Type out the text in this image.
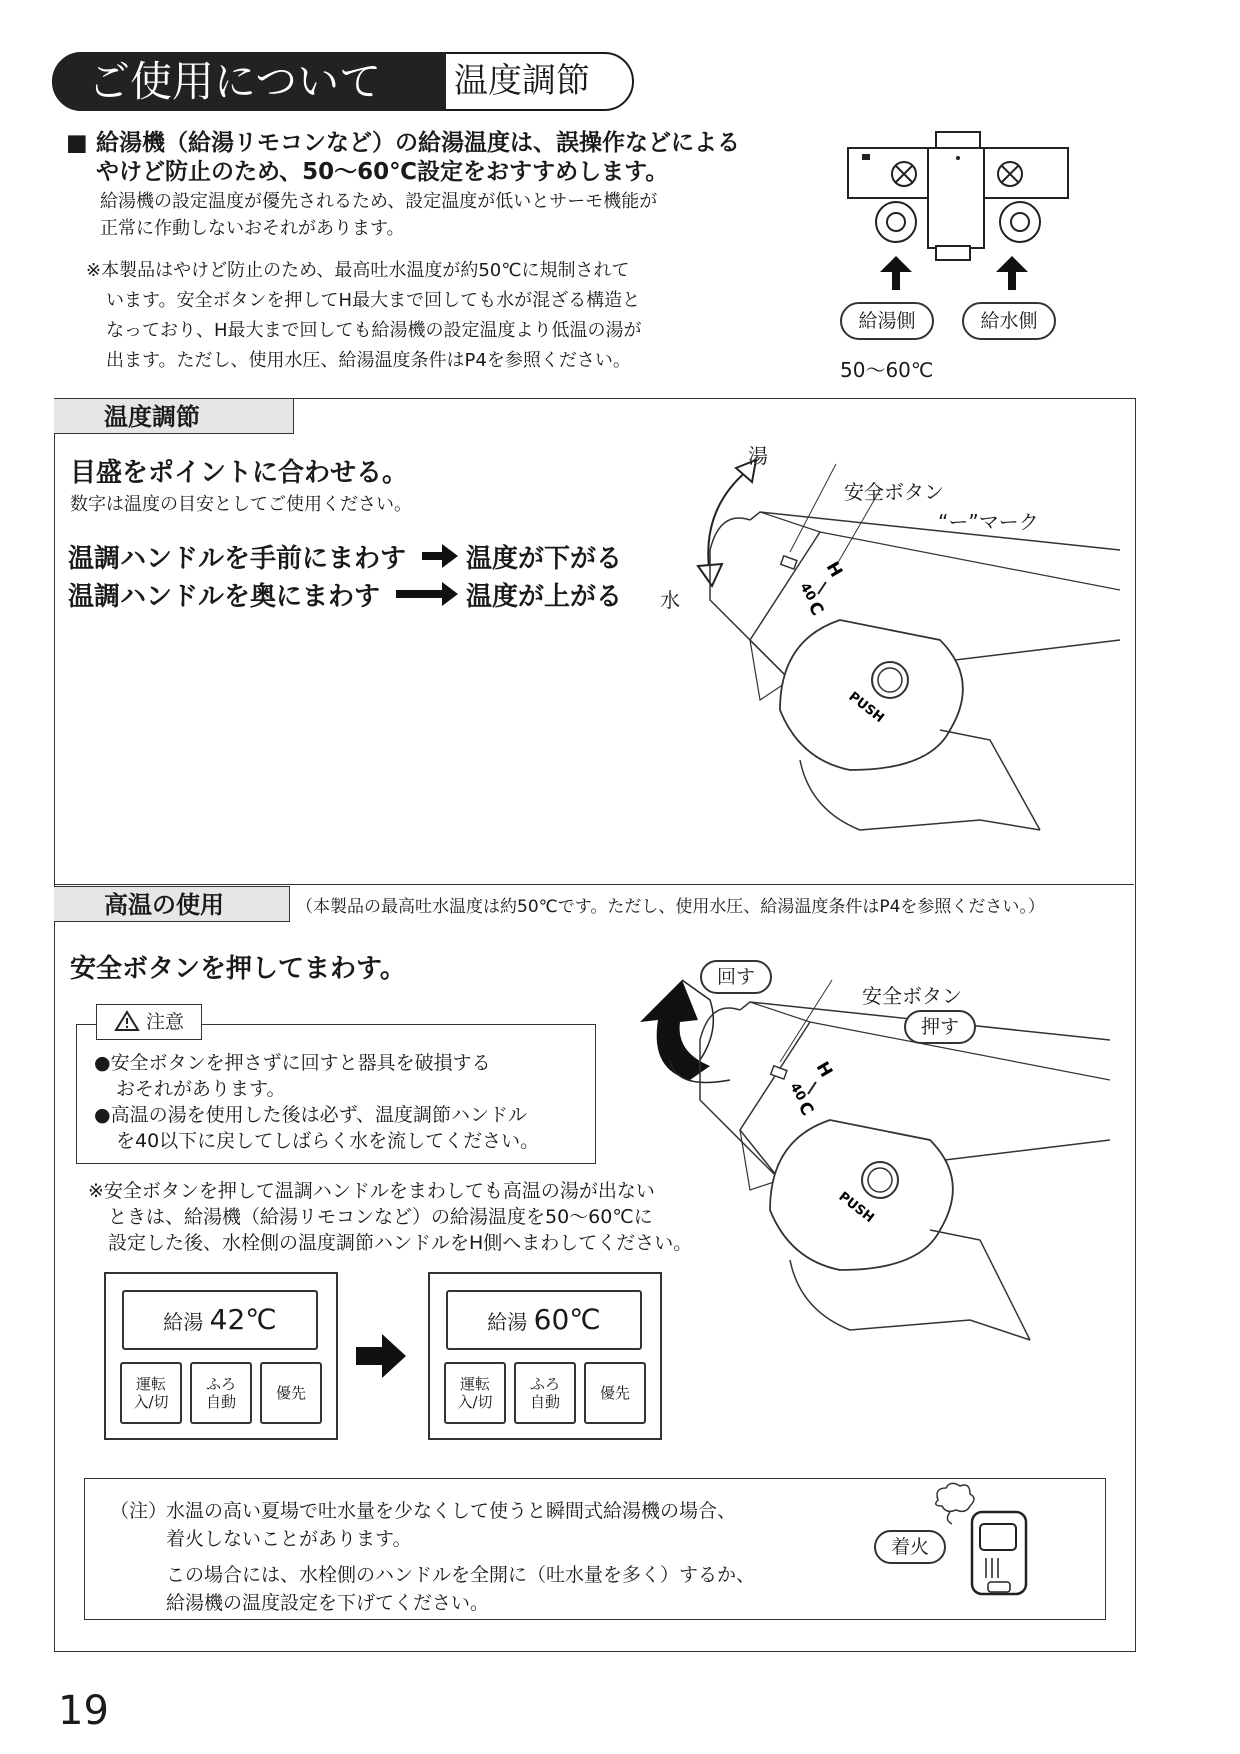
ご使用について	温度調節
■ 給湯機（給湯リモコンなど）の給湯温度は、誤操作などによる
やけど防止のため、50〜60℃設定をおすすめします。
給湯機の設定温度が優先されるため、設定温度が低いとサーモ機能が
正常に作動しないおそれがあります。
※本製品はやけど防止のため、最高吐水温度が約50℃に規制されて
います。安全ボタンを押してH最大まで回しても水が混ざる構造と
なっており、H最大まで回しても給湯機の設定温度より低温の湯が
出ます。ただし、使用水圧、給湯温度条件はP4を参照ください。
給湯側	給水側
50〜60℃
温度調節
目盛をポイントに合わせる。
数字は温度の目安としてご使用ください。
温調ハンドルを手前にまわす 温度が下がる
温調ハンドルを奥にまわす	温度が上がる	40
H
C
PUSH
湯
水
安全ボタン
“ー”マーク
高温の使用	（本製品の最高吐水温度は約50℃です。ただし、使用水圧、給湯温度条件はP4を参照ください。）
安全ボタンを押してまわす。
注意
●安全ボタンを押さずに回すと器具を破損する
おそれがあります。
●高温の湯を使用した後は必ず、温度調節ハンドル
を40以下に戻してしばらく水を流してください。
※安全ボタンを押して温調ハンドルをまわしても高温の湯が出ない
ときは、給湯機（給湯リモコンなど）の給湯温度を50〜60℃に
設定した後、水栓側の温度調節ハンドルをH側へまわしてください。
40
H
C
PUSH
回す
安全ボタン
押す
給湯 42℃
運転
入/切
ふろ
自動	優先
給湯 60℃
運転
入/切
ふろ
自動	優先
（注）
水温の高い夏場で吐水量を少なくして使うと瞬間式給湯機の場合、
着火しないことがあります。
この場合には、水栓側のハンドルを全開に（吐水量を多く）するか、
給湯機の温度設定を下げてください。
着火
19
